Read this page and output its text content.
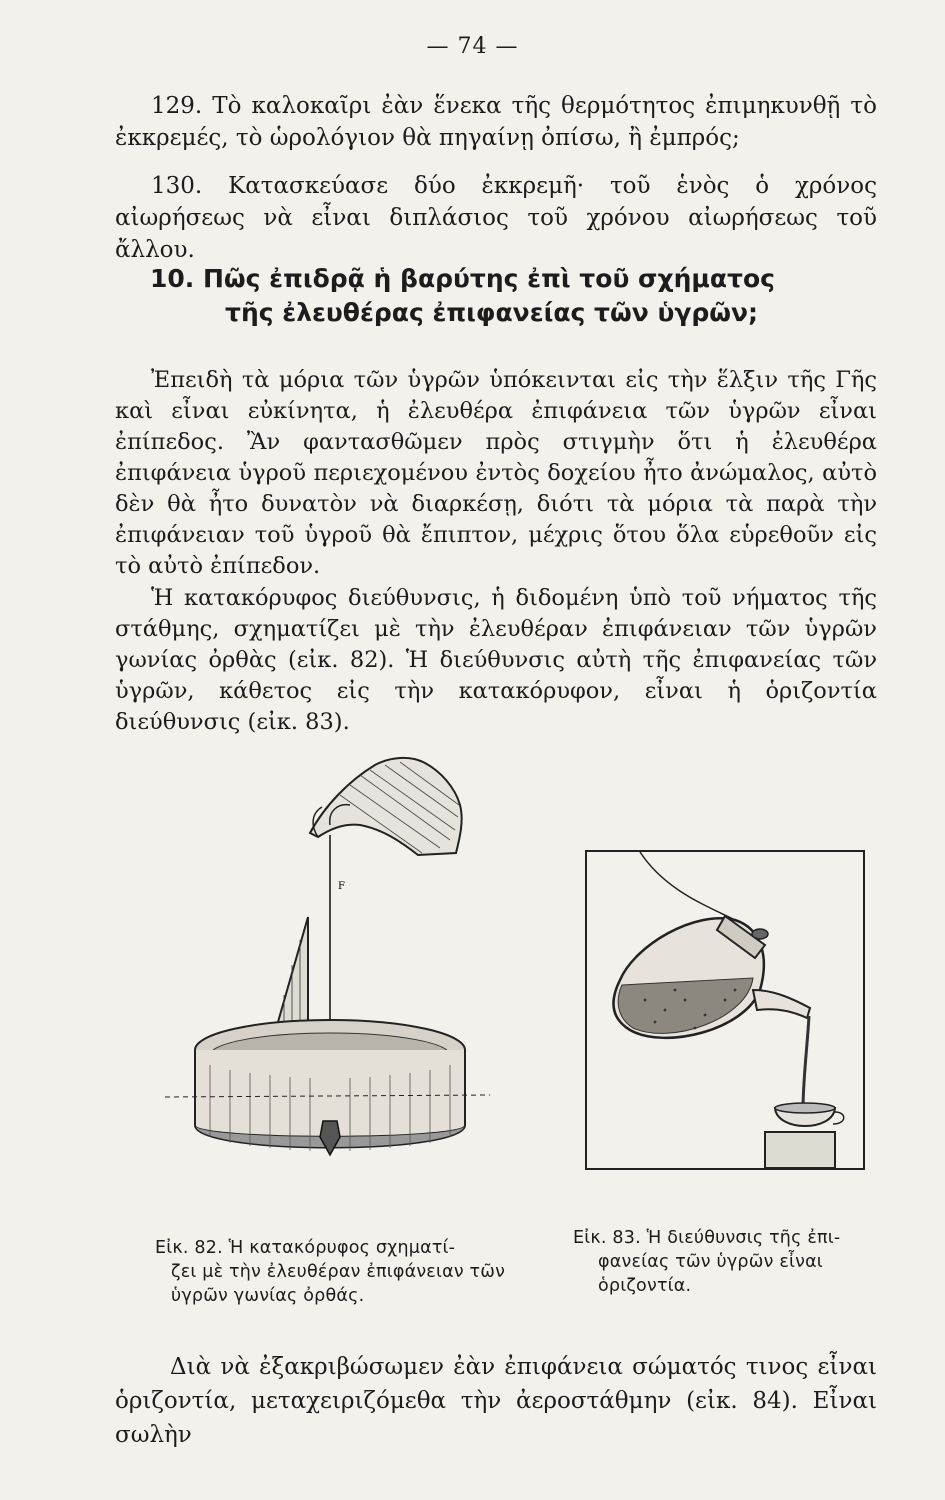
— 74 —

129. Τὸ καλοκαῖρι ἐὰν ἕνεκα τῆς θερμότητος ἐπιμηκυνθῇ τὸ ἐκκρεμές, τὸ ὡρολόγιον θὰ πηγαίνῃ ὀπίσω, ἢ ἐμπρός;

130. Κατασκεύασε δύο ἐκκρεμῆ· τοῦ ἑνὸς ὁ χρόνος αἰωρήσεως νὰ εἶναι διπλάσιος τοῦ χρόνου αἰωρήσεως τοῦ ἄλλου.

10. Πῶς ἐπιδρᾷ ἡ βαρύτης ἐπὶ τοῦ σχήματος
τῆς ἐλευθέρας ἐπιφανείας τῶν ὑγρῶν;

Ἐπειδὴ τὰ μόρια τῶν ὑγρῶν ὑπόκεινται εἰς τὴν ἕλξιν τῆς Γῆς καὶ εἶναι εὐκίνητα, ἡ ἐλευθέρα ἐπιφάνεια τῶν ὑγρῶν εἶναι ἐπίπεδος. Ἂν φαντασθῶμεν πρὸς στιγμὴν ὅτι ἡ ἐλευθέρα ἐπιφάνεια ὑγροῦ περιεχομένου ἐντὸς δοχείου ἦτο ἀνώμαλος, αὐτὸ δὲν θὰ ἦτο δυνατὸν νὰ διαρκέσῃ, διότι τὰ μόρια τὰ παρὰ τὴν ἐπιφάνειαν τοῦ ὑγροῦ θὰ ἔπιπτον, μέχρις ὅτου ὅλα εὑρεθοῦν εἰς τὸ αὐτὸ ἐπίπεδον.

Ἡ κατακόρυφος διεύθυνσις, ἡ διδομένη ὑπὸ τοῦ νήματος τῆς στάθμης, σχηματίζει μὲ τὴν ἐλευθέραν ἐπιφάνειαν τῶν ὑγρῶν γωνίας ὀρθὰς (εἰκ. 82). Ἡ διεύθυνσις αὐτὴ τῆς ἐπιφανείας τῶν ὑγρῶν, κάθετος εἰς τὴν κατακόρυφον, εἶναι ἡ ὁριζοντία διεύθυνσις (εἰκ. 83).

F

Εἰκ. 82. Ἡ κατακόρυφος σχηματί-
ζει μὲ τὴν ἐλευθέραν ἐπιφάνειαν τῶν ὑγρῶν γωνίας ὀρθάς.

Εἰκ. 83. Ἡ διεύθυνσις τῆς ἐπι-
φανείας τῶν ὑγρῶν εἶναι ὁριζοντία.

Διὰ νὰ ἐξακριβώσωμεν ἐὰν ἐπιφάνεια σώματός τινος εἶναι ὁριζοντία, μεταχειριζόμεθα τὴν ἀεροστάθμην (εἰκ. 84). Εἶναι σωλὴν
